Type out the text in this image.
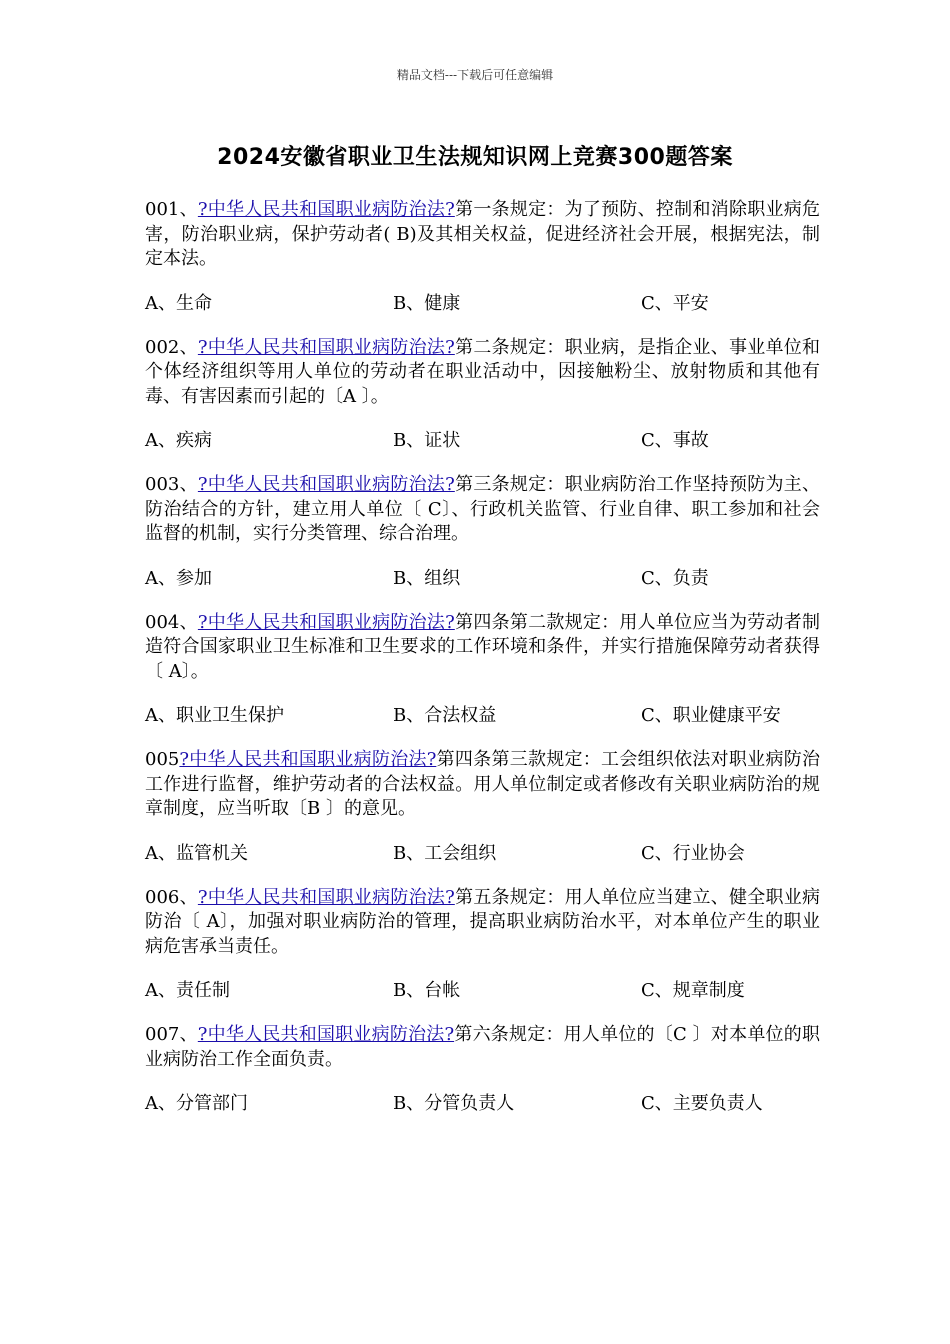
精品文档---下载后可任意编辑
2024安徽省职业卫生法规知识网上竞赛300题答案

001、?中华人民共和国职业病防治法?第一条规定：为了预防、控制和消除职业病危害，防治职业病，保护劳动者( B)及其相关权益，促进经济社会开展，根据宪法，制定本法。

A、生命	B、健康	C、平安

002、?中华人民共和国职业病防治法?第二条规定：职业病，是指企业、事业单位和个体经济组织等用人单位的劳动者在职业活动中，因接触粉尘、放射物质和其他有毒、有害因素而引起的〔A 〕。

A、疾病	B、证状	C、事故

003、?中华人民共和国职业病防治法?第三条规定：职业病防治工作坚持预防为主、防治结合的方针，建立用人单位〔 C〕、行政机关监管、行业自律、职工参加和社会监督的机制，实行分类管理、综合治理。

A、参加	B、组织	C、负责

004、?中华人民共和国职业病防治法?第四条第二款规定：用人单位应当为劳动者制造符合国家职业卫生标准和卫生要求的工作环境和条件，并实行措施保障劳动者获得〔 A〕。

A、职业卫生保护	B、合法权益	C、职业健康平安

005?中华人民共和国职业病防治法?第四条第三款规定：工会组织依法对职业病防治工作进行监督，维护劳动者的合法权益。用人单位制定或者修改有关职业病防治的规章制度，应当听取〔B 〕的意见。

A、监管机关	B、工会组织	C、行业协会

006、?中华人民共和国职业病防治法?第五条规定：用人单位应当建立、健全职业病防治〔 A〕，加强对职业病防治的管理，提高职业病防治水平，对本单位产生的职业病危害承当责任。

A、责任制	B、台帐	C、规章制度

007、?中华人民共和国职业病防治法?第六条规定：用人单位的〔C 〕对本单位的职业病防治工作全面负责。

A、分管部门	B、分管负责人	C、主要负责人
